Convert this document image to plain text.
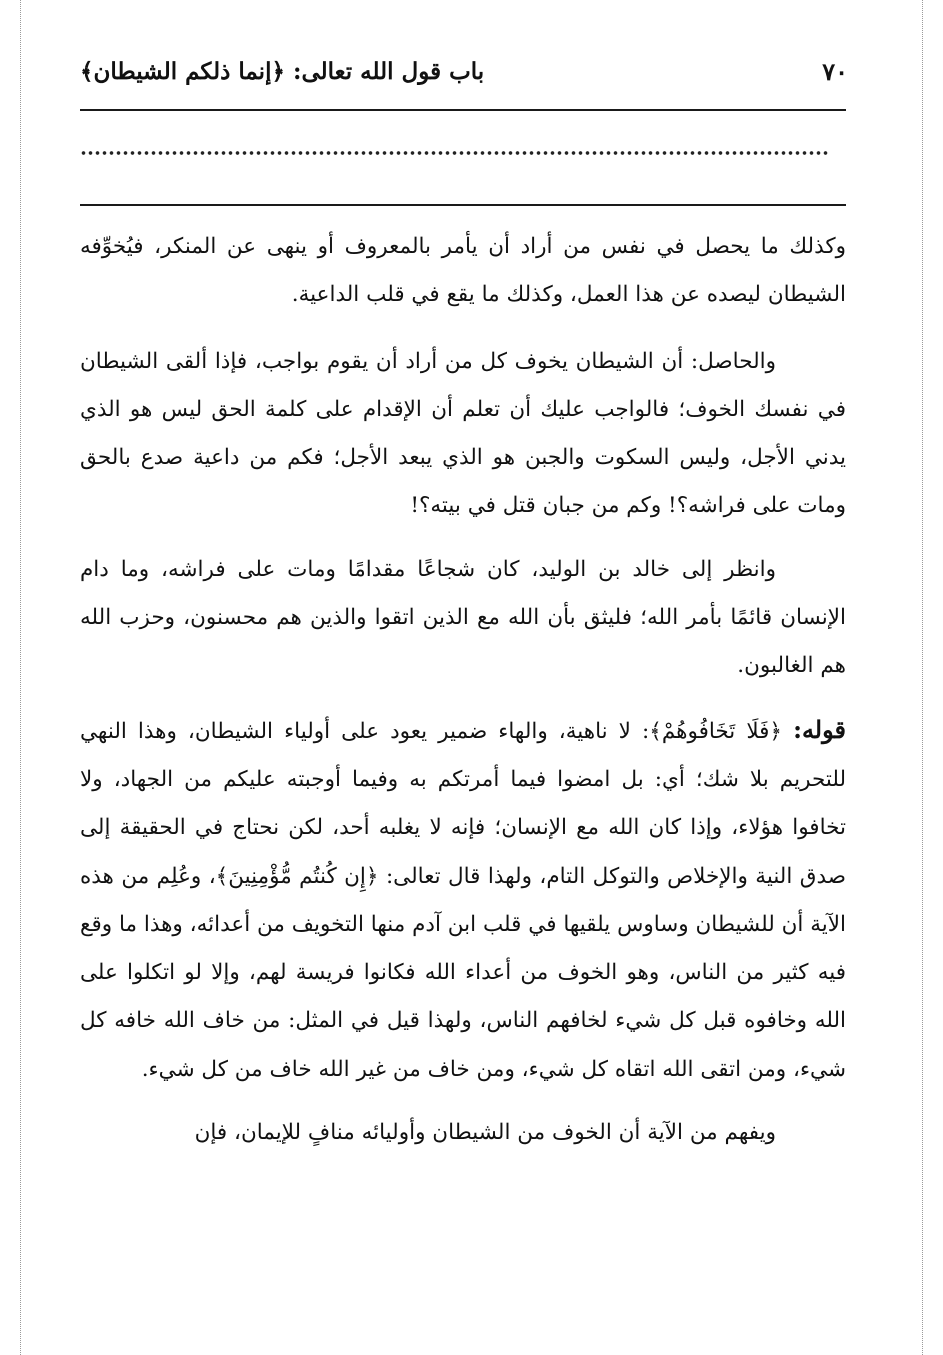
باب قول الله تعالى: ﴿إنما ذلكم الشيطان﴾	٧٠

وكذلك ما يحصل في نفس من أراد أن يأمر بالمعروف أو ينهى عن المنكر، فيُخوِّفه الشيطان ليصده عن هذا العمل، وكذلك ما يقع في قلب الداعية.

والحاصل: أن الشيطان يخوف كل من أراد أن يقوم بواجب، فإذا ألقى الشيطان في نفسك الخوف؛ فالواجب عليك أن تعلم أن الإقدام على كلمة الحق ليس هو الذي يدني الأجل، وليس السكوت والجبن هو الذي يبعد الأجل؛ فكم من داعية صدع بالحق ومات على فراشه؟! وكم من جبان قتل في بيته؟!

وانظر إلى خالد بن الوليد، كان شجاعًا مقدامًا ومات على فراشه، وما دام الإنسان قائمًا بأمر الله؛ فليثق بأن الله مع الذين اتقوا والذين هم محسنون، وحزب الله هم الغالبون.

قوله: ﴿فَلَا تَخَافُوهُمْ﴾: لا ناهية، والهاء ضمير يعود على أولياء الشيطان، وهذا النهي للتحريم بلا شك؛ أي: بل امضوا فيما أمرتكم به وفيما أوجبته عليكم من الجهاد، ولا تخافوا هؤلاء، وإذا كان الله مع الإنسان؛ فإنه لا يغلبه أحد، لكن نحتاج في الحقيقة إلى صدق النية والإخلاص والتوكل التام، ولهذا قال تعالى: ﴿إِن كُنتُم مُّؤْمِنِينَ﴾، وعُلِم من هذه الآية أن للشيطان وساوس يلقيها في قلب ابن آدم منها التخويف من أعدائه، وهذا ما وقع فيه كثير من الناس، وهو الخوف من أعداء الله فكانوا فريسة لهم، وإلا لو اتكلوا على الله وخافوه قبل كل شيء لخافهم الناس، ولهذا قيل في المثل: من خاف الله خافه كل شيء، ومن اتقى الله اتقاه كل شيء، ومن خاف من غير الله خاف من كل شيء.

ويفهم من الآية أن الخوف من الشيطان وأوليائه منافٍ للإيمان، فإن
